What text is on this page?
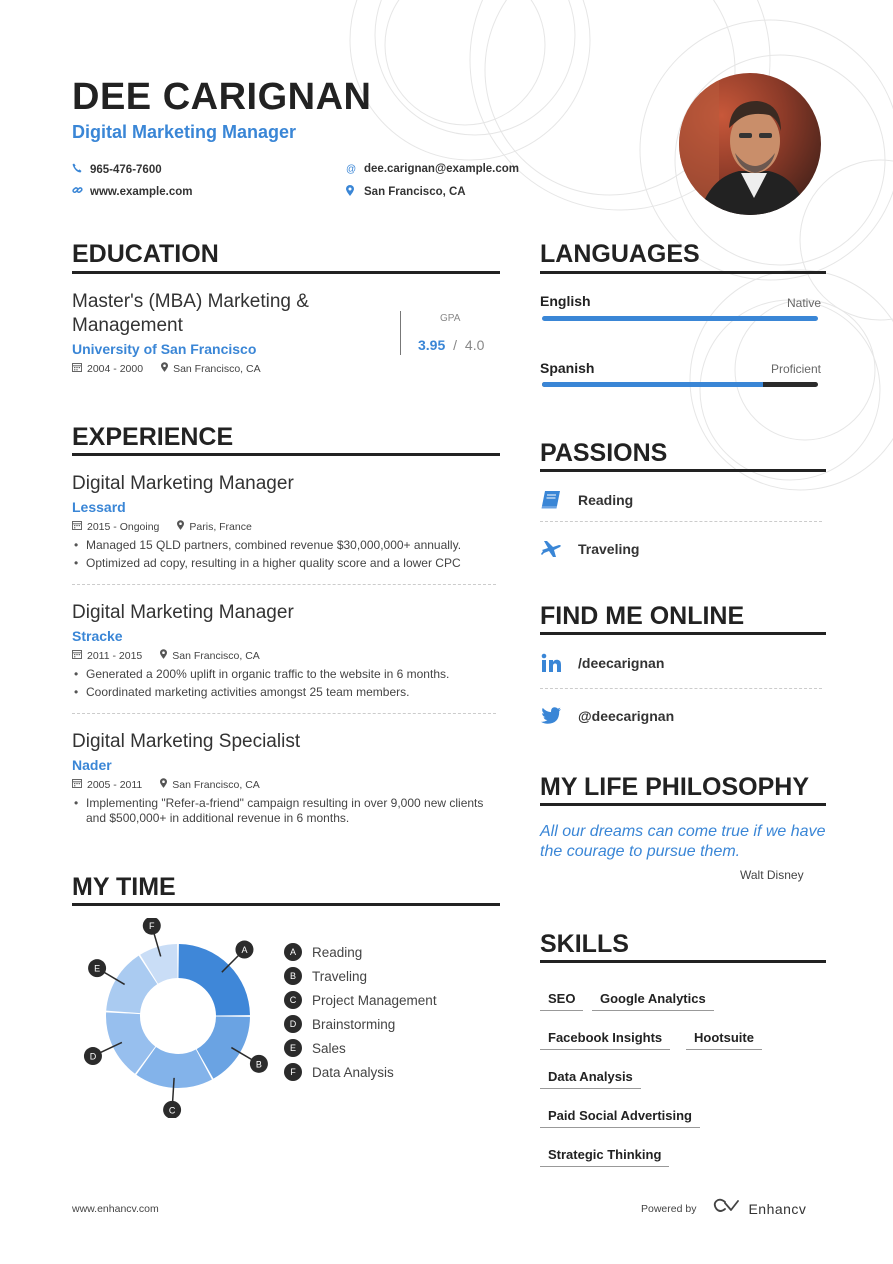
DEE CARIGNAN
Digital Marketing Manager
965-476-7600
www.example.com
@ dee.carignan@example.com
San Francisco, CA
EDUCATION
Master's (MBA) Marketing & Management
University of San Francisco
2004 - 2000	San Francisco, CA
GPA
3.95 / 4.0
EXPERIENCE
Digital Marketing Manager
Lessard
2015 - Ongoing	Paris, France
• Managed 15 QLD partners, combined revenue $30,000,000+ annually.
• Optimized ad copy, resulting in a higher quality score and a lower CPC
Digital Marketing Manager
Stracke
2011 - 2015	San Francisco, CA
• Generated a 200% uplift in organic traffic to the website in 6 months.
• Coordinated marketing activities amongst 25 team members.
Digital Marketing Specialist
Nader
2005 - 2011	San Francisco, CA
• Implementing "Refer-a-friend" campaign resulting in over 9,000 new clients and $500,000+ in additional revenue in 6 months.
MY TIME
A
B
C
D
E
F
A	Reading
B	Traveling
C	Project Management
D	Brainstorming
E	Sales
F	Data Analysis
LANGUAGES
English	Native
Spanish	Proficient
PASSIONS
Reading
Traveling
FIND ME ONLINE
/deecarignan
@deecarignan
MY LIFE PHILOSOPHY
All our dreams can come true if we have the courage to pursue them.
Walt Disney
SKILLS
SEO	Google Analytics
Facebook Insights	Hootsuite
Data Analysis
Paid Social Advertising
Strategic Thinking
www.enhancv.com	Powered by	Enhancv
